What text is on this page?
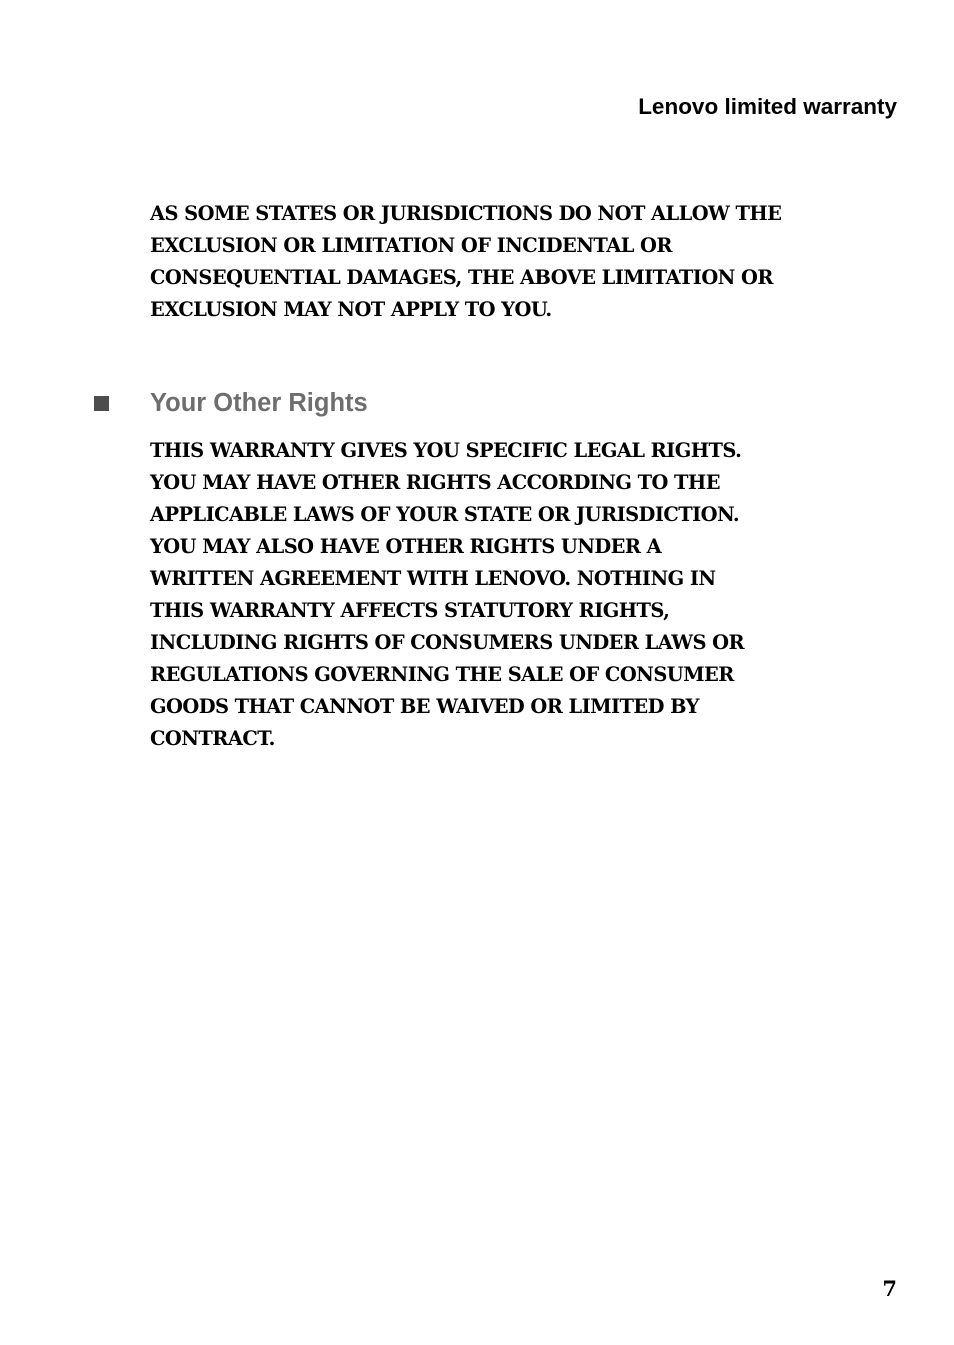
Lenovo limited warranty
AS SOME STATES OR JURISDICTIONS DO NOT ALLOW THE
EXCLUSION OR LIMITATION OF INCIDENTAL OR
CONSEQUENTIAL DAMAGES, THE ABOVE LIMITATION OR
EXCLUSION MAY NOT APPLY TO YOU.
Your Other Rights
THIS WARRANTY GIVES YOU SPECIFIC LEGAL RIGHTS.
YOU MAY HAVE OTHER RIGHTS ACCORDING TO THE
APPLICABLE LAWS OF YOUR STATE OR JURISDICTION.
YOU MAY ALSO HAVE OTHER RIGHTS UNDER A
WRITTEN AGREEMENT WITH LENOVO. NOTHING IN
THIS WARRANTY AFFECTS STATUTORY RIGHTS,
INCLUDING RIGHTS OF CONSUMERS UNDER LAWS OR
REGULATIONS GOVERNING THE SALE OF CONSUMER
GOODS THAT CANNOT BE WAIVED OR LIMITED BY
CONTRACT.
7
